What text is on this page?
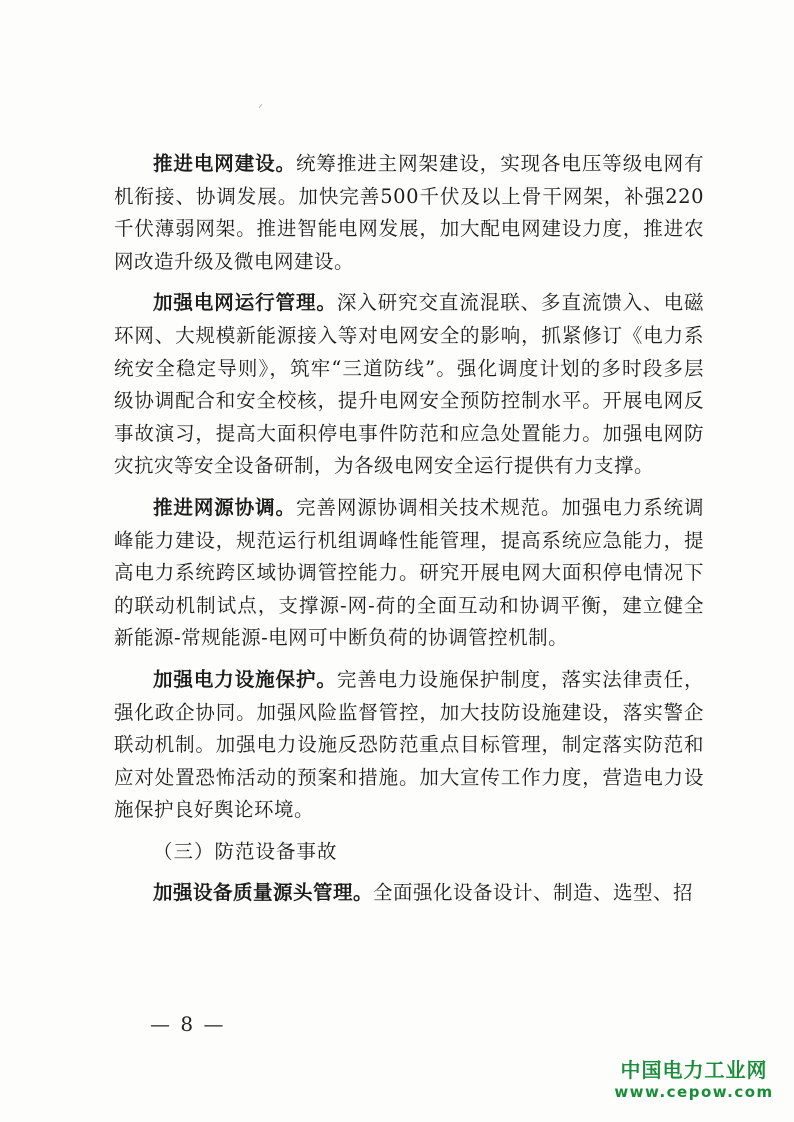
⸝

推进电网建设。统筹推进主网架建设，实现各电压等级电网有机衔接、协调发展。加快完善500千伏及以上骨干网架，补强220千伏薄弱网架。推进智能电网发展，加大配电网建设力度，推进农网改造升级及微电网建设。

加强电网运行管理。深入研究交直流混联、多直流馈入、电磁环网、大规模新能源接入等对电网安全的影响，抓紧修订《电力系统安全稳定导则》，筑牢“三道防线”。强化调度计划的多时段多层级协调配合和安全校核，提升电网安全预防控制水平。开展电网反事故演习，提高大面积停电事件防范和应急处置能力。加强电网防灾抗灾等安全设备研制，为各级电网安全运行提供有力支撑。

推进网源协调。完善网源协调相关技术规范。加强电力系统调峰能力建设，规范运行机组调峰性能管理，提高系统应急能力，提高电力系统跨区域协调管控能力。研究开展电网大面积停电情况下的联动机制试点，支撑源-网-荷的全面互动和协调平衡，建立健全新能源-常规能源-电网可中断负荷的协调管控机制。

加强电力设施保护。完善电力设施保护制度，落实法律责任，强化政企协同。加强风险监督管控，加大技防设施建设，落实警企联动机制。加强电力设施反恐防范重点目标管理，制定落实防范和应对处置恐怖活动的预案和措施。加大宣传工作力度，营造电力设施保护良好舆论环境。

（三）防范设备事故

加强设备质量源头管理。全面强化设备设计、制造、选型、招

— 8 —
中国电力工业网
www.cepow.com
